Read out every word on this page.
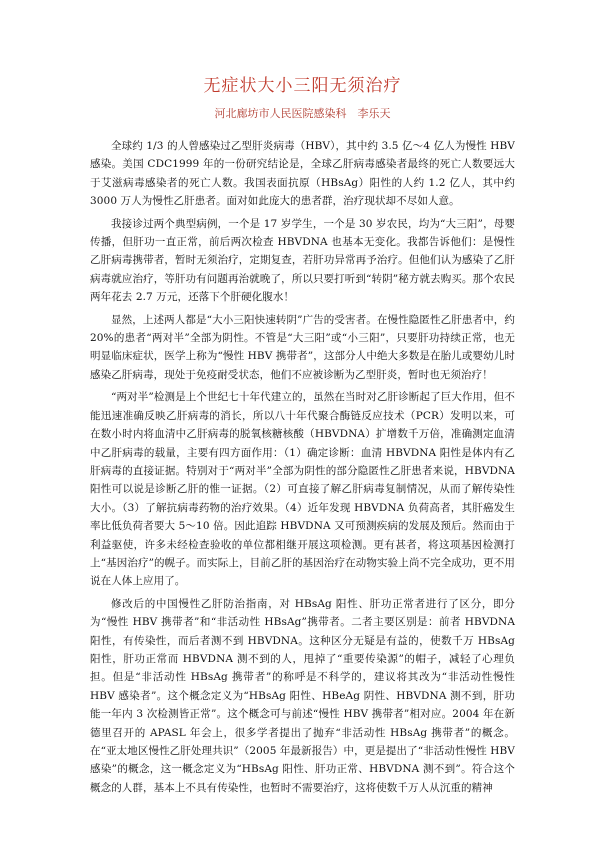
无症状大小三阳无须治疗
河北廊坊市人民医院感染科　李乐天

全球约 1/3 的人曾感染过乙型肝炎病毒（HBV），其中约 3.5 亿～4 亿人为慢性 HBV 感染。美国 CDC1999 年的一份研究结论是，全球乙肝病毒感染者最终的死亡人数要远大于艾滋病毒感染者的死亡人数。我国表面抗原（HBsAg）阳性的人约 1.2 亿人，其中约 3000 万人为慢性乙肝患者。面对如此庞大的患者群，治疗现状却不尽如人意。

我接诊过两个典型病例，一个是 17 岁学生，一个是 30 岁农民，均为“大三阳”，母婴传播，但肝功一直正常，前后两次检查 HBVDNA 也基本无变化。我都告诉他们：是慢性乙肝病毒携带者，暂时无须治疗，定期复查，若肝功异常再予治疗。但他们认为感染了乙肝病毒就应治疗，等肝功有问题再治就晚了，所以只要打听到“转阴”秘方就去购买。那个农民两年花去 2.7 万元，还落下个肝硬化腹水！

显然，上述两人都是“大小三阳快速转阴”广告的受害者。在慢性隐匿性乙肝患者中，约 20%的患者“两对半”全部为阴性。不管是“大三阳”或“小三阳”，只要肝功持续正常，也无明显临床症状，医学上称为“慢性 HBV 携带者”，这部分人中绝大多数是在胎儿或婴幼儿时感染乙肝病毒，现处于免疫耐受状态，他们不应被诊断为乙型肝炎，暂时也无须治疗！

“两对半”检测是上个世纪七十年代建立的，虽然在当时对乙肝诊断起了巨大作用，但不能迅速准确反映乙肝病毒的消长，所以八十年代聚合酶链反应技术（PCR）发明以来，可在数小时内将血清中乙肝病毒的脱氧核糖核酸（HBVDNA）扩增数千万倍，准确测定血清中乙肝病毒的载量，主要有四方面作用：（1）确定诊断：血清 HBVDNA 阳性是体内有乙肝病毒的直接证据。特别对于“两对半”全部为阴性的部分隐匿性乙肝患者来说，HBVDNA 阳性可以说是诊断乙肝的惟一证据。（2）可直接了解乙肝病毒复制情况，从而了解传染性大小。（3）了解抗病毒药物的治疗效果。（4）近年发现 HBVDNA 负荷高者，其肝癌发生率比低负荷者要大 5～10 倍。因此追踪 HBVDNA 又可预测疾病的发展及预后。然而由于利益驱使，许多未经检查验收的单位都相继开展这项检测。更有甚者，将这项基因检测打上“基因治疗”的幌子。而实际上，目前乙肝的基因治疗在动物实验上尚不完全成功，更不用说在人体上应用了。

修改后的中国慢性乙肝防治指南，对 HBsAg 阳性、肝功正常者进行了区分，即分为“慢性 HBV 携带者”和“非活动性 HBsAg”携带者。二者主要区别是：前者 HBVDNA 阳性，有传染性，而后者测不到 HBVDNA。这种区分无疑是有益的，使数千万 HBsAg 阳性，肝功正常而 HBVDNA 测不到的人，甩掉了“重要传染源”的帽子，减轻了心理负担。但是“非活动性 HBsAg 携带者”的称呼是不科学的，建议将其改为“非活动性慢性 HBV 感染者”。这个概念定义为“HBsAg 阳性、HBeAg 阴性、HBVDNA 测不到，肝功能一年内 3 次检测皆正常”。这个概念可与前述“慢性 HBV 携带者”相对应。2004 年在新德里召开的 APASL 年会上，很多学者提出了抛弃“非活动性 HBsAg 携带者”的概念。在“亚太地区慢性乙肝处理共识”（2005 年最新报告）中，更是提出了“非活动性慢性 HBV 感染”的概念，这一概念定义为“HBsAg 阳性、肝功正常、HBVDNA 测不到”。符合这个概念的人群，基本上不具有传染性，也暂时不需要治疗，这将使数千万人从沉重的精神
